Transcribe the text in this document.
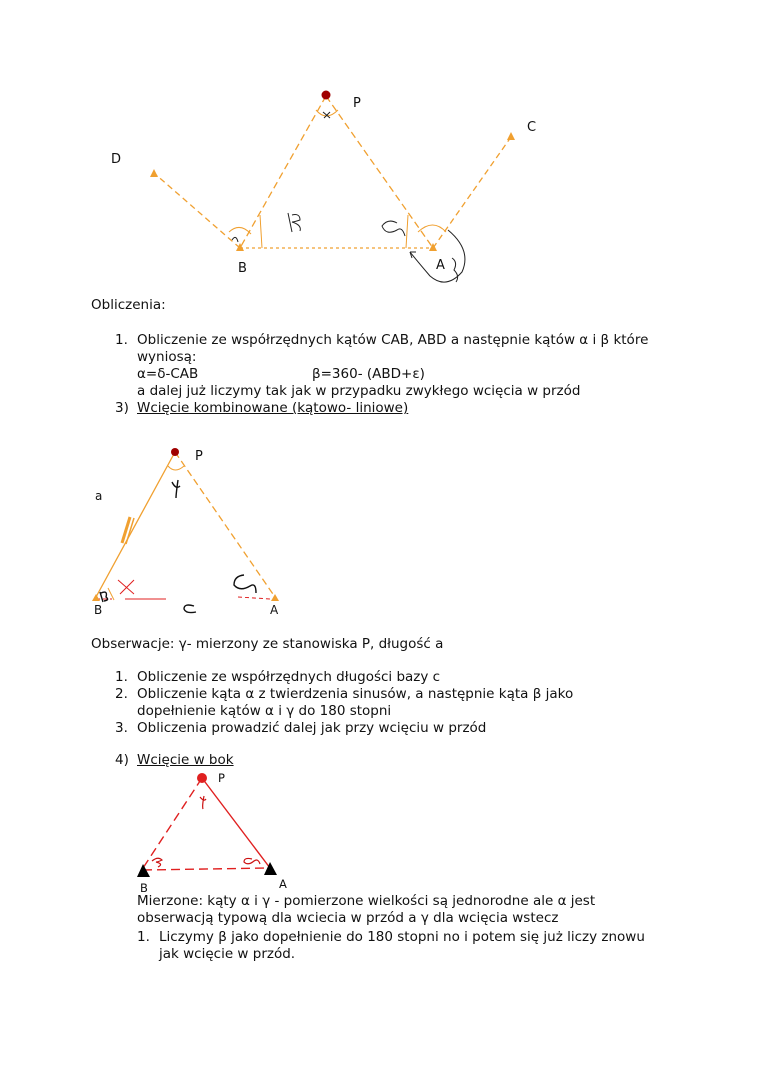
P
C
D
B	A
Obliczenia:
1. Obliczenie ze współrzędnych kątów CAB, ABD a następnie kątów α i β które
wyniosą:
α=δ-CAB	β=360- (ABD+ε)
a dalej już liczymy tak jak w przypadku zwykłego wcięcia w przód
3) Wcięcie kombinowane (kątowo- liniowe)
P
a
B	A
Obserwacje: γ- mierzony ze stanowiska P, długość a
1. Obliczenie ze współrzędnych długości bazy c
2. Obliczenie kąta α z twierdzenia sinusów, a następnie kąta β jako
dopełnienie kątów α i γ do 180 stopni
3. Obliczenia prowadzić dalej jak przy wcięciu w przód
4) Wcięcie w bok
P
B	A
Mierzone: kąty α i γ - pomierzone wielkości są jednorodne ale α jest
obserwacją typową dla wciecia w przód a γ dla wcięcia wstecz
1. Liczymy β jako dopełnienie do 180 stopni no i potem się już liczy znowu
jak wcięcie w przód.
